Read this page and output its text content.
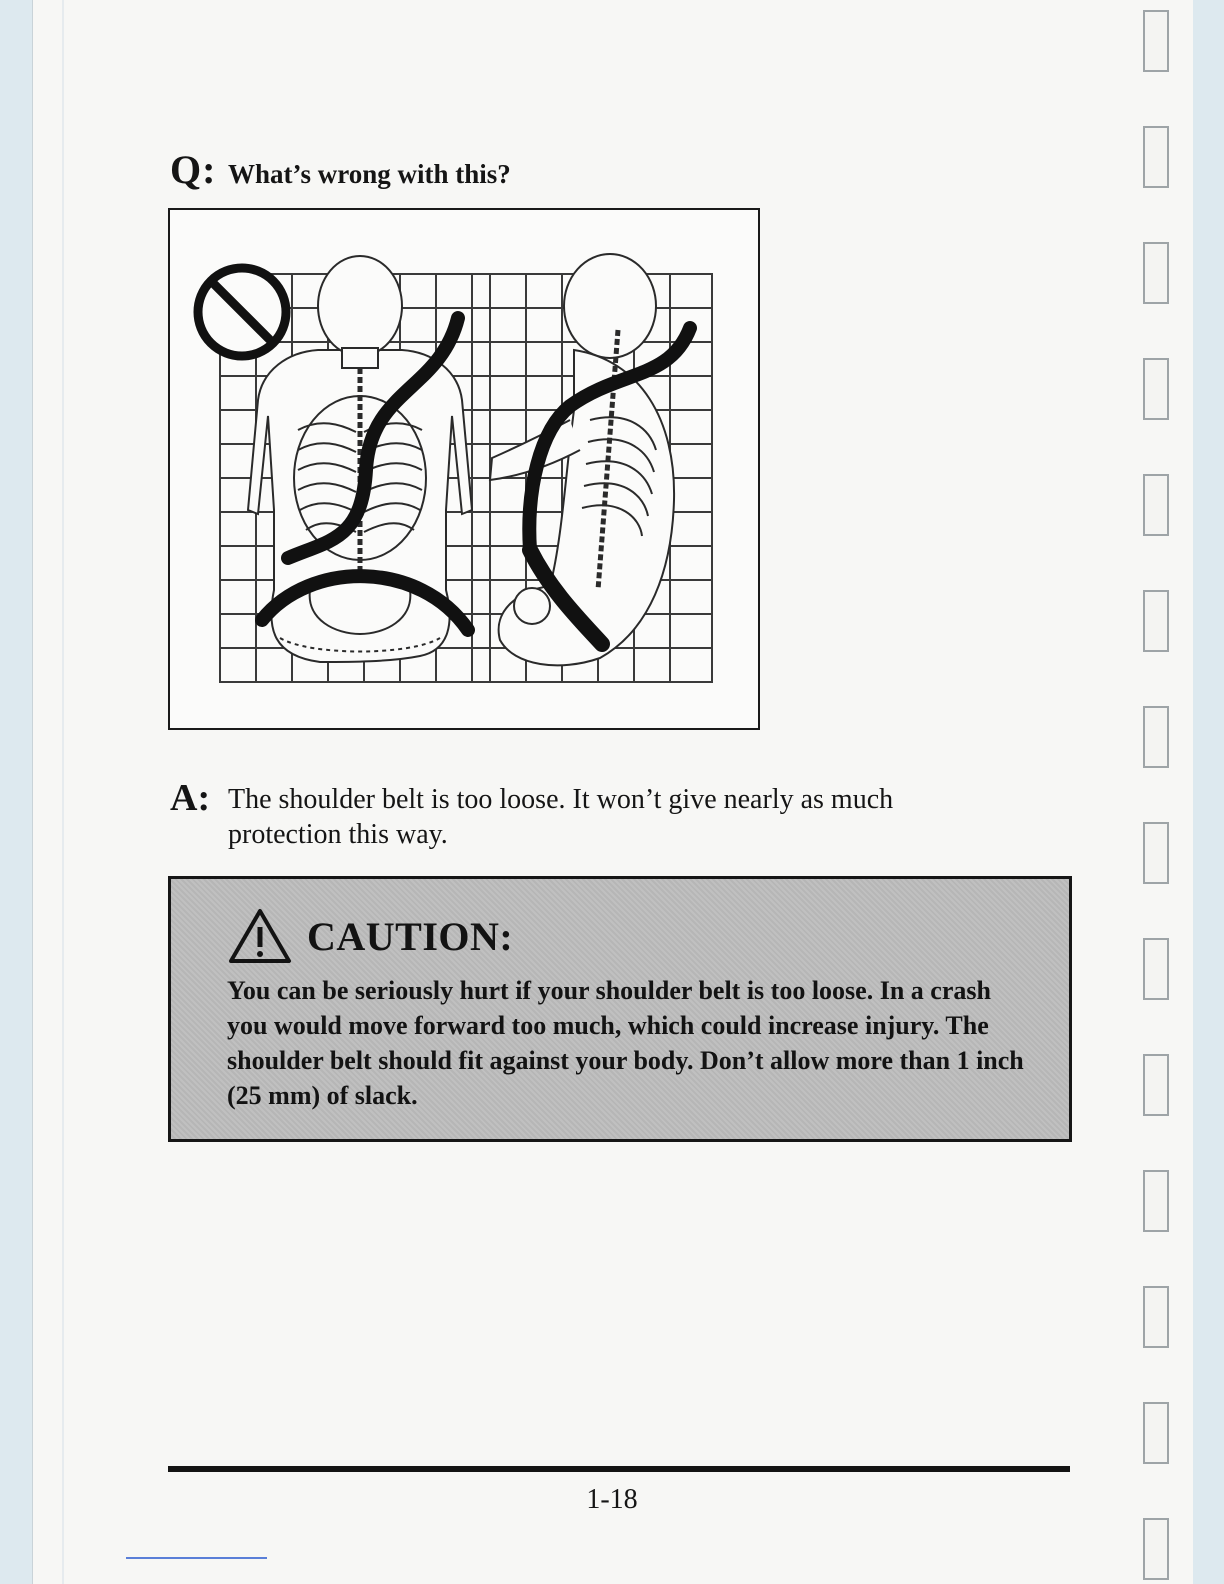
Q: What’s wrong with this?
A: The shoulder belt is too loose. It won’t give nearly as much protection this way.
CAUTION:
You can be seriously hurt if your shoulder belt is too loose. In a crash you would move forward too much, which could increase injury. The shoulder belt should fit against your body. Don’t allow more than 1 inch (25 mm) of slack.
1-18
